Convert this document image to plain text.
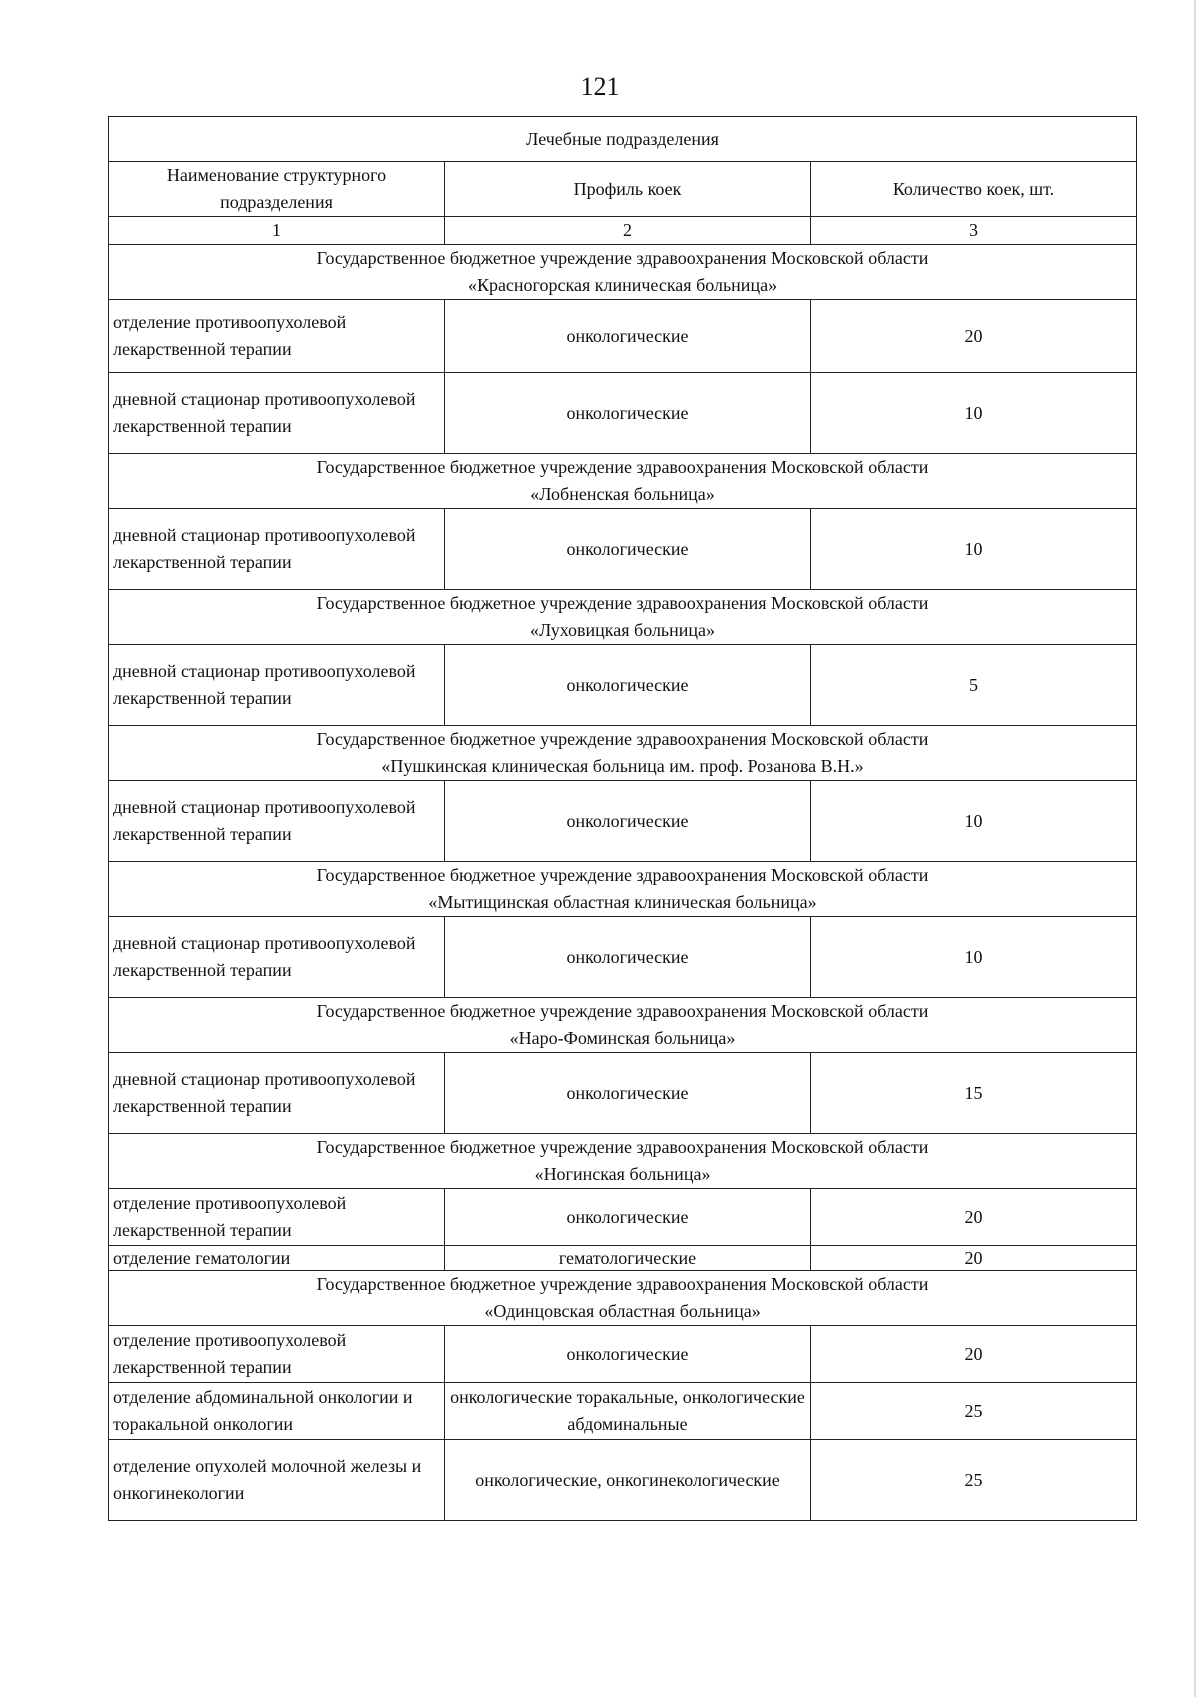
121
Лечебные подразделения		
Наименование структурного подразделения	Профиль коек	Количество коек, шт.
1	2	3

Государственное бюджетное учреждение здравоохранения Московской области
«Красногорская клиническая больница»		

отделение противоопухолевой лекарственной терапии	онкологические	20
дневной стационар противоопухолевой лекарственной терапии	онкологические	10

Государственное бюджетное учреждение здравоохранения Московской области
«Лобненская больница»		

дневной стационар противоопухолевой лекарственной терапии	онкологические	10

Государственное бюджетное учреждение здравоохранения Московской области
«Луховицкая больница»		

дневной стационар противоопухолевой лекарственной терапии	онкологические	5

Государственное бюджетное учреждение здравоохранения Московской области
«Пушкинская клиническая больница им. проф. Розанова В.Н.»		

дневной стационар противоопухолевой лекарственной терапии	онкологические	10

Государственное бюджетное учреждение здравоохранения Московской области
«Мытищинская областная клиническая больница»		

дневной стационар противоопухолевой лекарственной терапии	онкологические	10

Государственное бюджетное учреждение здравоохранения Московской области
«Наро-Фоминская больница»		

дневной стационар противоопухолевой лекарственной терапии	онкологические	15

Государственное бюджетное учреждение здравоохранения Московской области
«Ногинская больница»		

отделение противоопухолевой лекарственной терапии	онкологические	20
отделение гематологии	гематологические	20

Государственное бюджетное учреждение здравоохранения Московской области
«Одинцовская областная больница»		

отделение противоопухолевой лекарственной терапии	онкологические	20
отделение абдоминальной онкологии и торакальной онкологии	онкологические торакальные, онкологические абдоминальные	25
отделение опухолей молочной железы и онкогинекологии	онкологические, онкогинекологические	25
